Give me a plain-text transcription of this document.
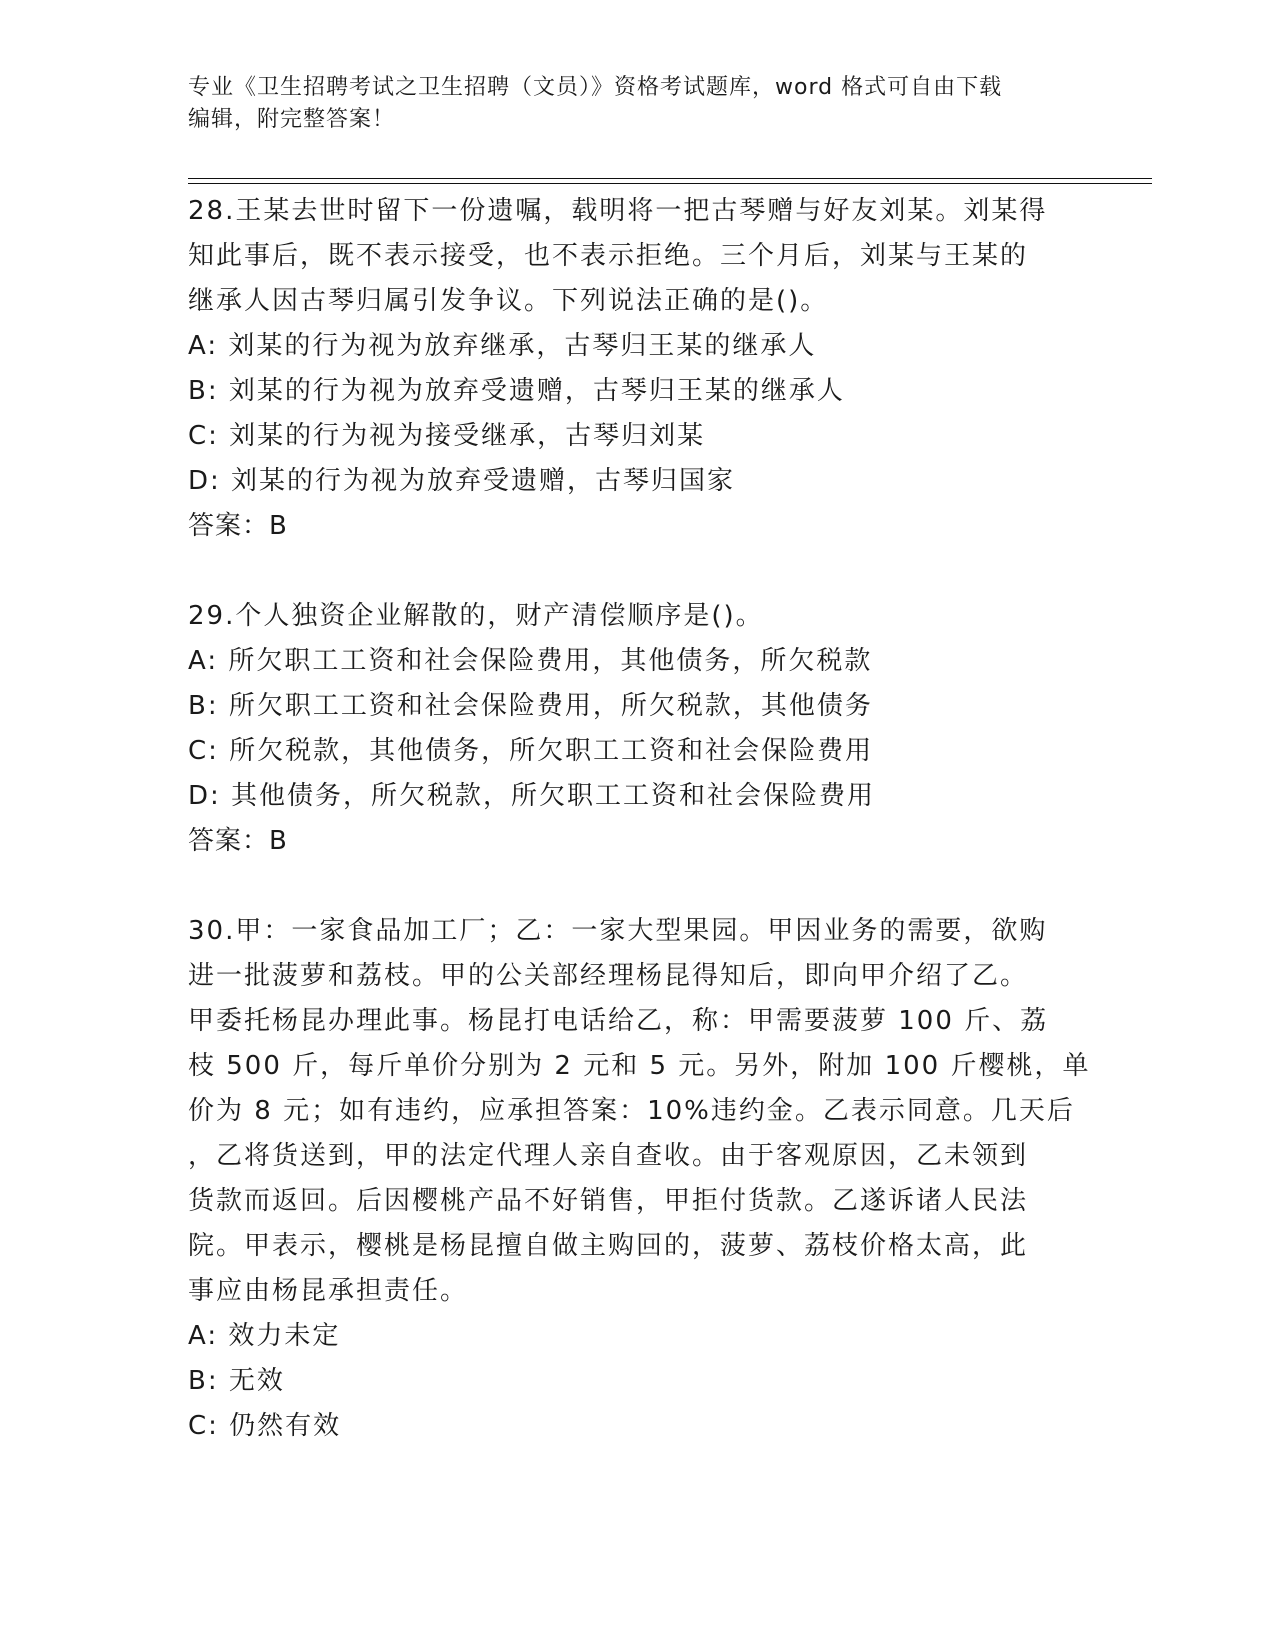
专业《卫生招聘考试之卫生招聘（文员）》资格考试题库，word 格式可自由下载
编辑，附完整答案！
28.王某去世时留下一份遗嘱，载明将一把古琴赠与好友刘某。刘某得
知此事后，既不表示接受，也不表示拒绝。三个月后，刘某与王某的
继承人因古琴归属引发争议。下列说法正确的是()。
A: 刘某的行为视为放弃继承，古琴归王某的继承人
B: 刘某的行为视为放弃受遗赠，古琴归王某的继承人
C: 刘某的行为视为接受继承，古琴归刘某
D: 刘某的行为视为放弃受遗赠，古琴归国家
答案：B
29.个人独资企业解散的，财产清偿顺序是()。
A: 所欠职工工资和社会保险费用，其他债务，所欠税款
B: 所欠职工工资和社会保险费用，所欠税款，其他债务
C: 所欠税款，其他债务，所欠职工工资和社会保险费用
D: 其他债务，所欠税款，所欠职工工资和社会保险费用
答案：B
30.甲：一家食品加工厂；乙：一家大型果园。甲因业务的需要，欲购
进一批菠萝和荔枝。甲的公关部经理杨昆得知后，即向甲介绍了乙。
甲委托杨昆办理此事。杨昆打电话给乙，称：甲需要菠萝 100 斤、荔
枝 500 斤，每斤单价分别为 2 元和 5 元。另外，附加 100 斤樱桃，单
价为 8 元；如有违约，应承担答案：10%违约金。乙表示同意。几天后
，乙将货送到，甲的法定代理人亲自查收。由于客观原因，乙未领到
货款而返回。后因樱桃产品不好销售，甲拒付货款。乙遂诉诸人民法
院。甲表示，樱桃是杨昆擅自做主购回的，菠萝、荔枝价格太高，此
事应由杨昆承担责任。
A: 效力未定
B: 无效
C: 仍然有效
